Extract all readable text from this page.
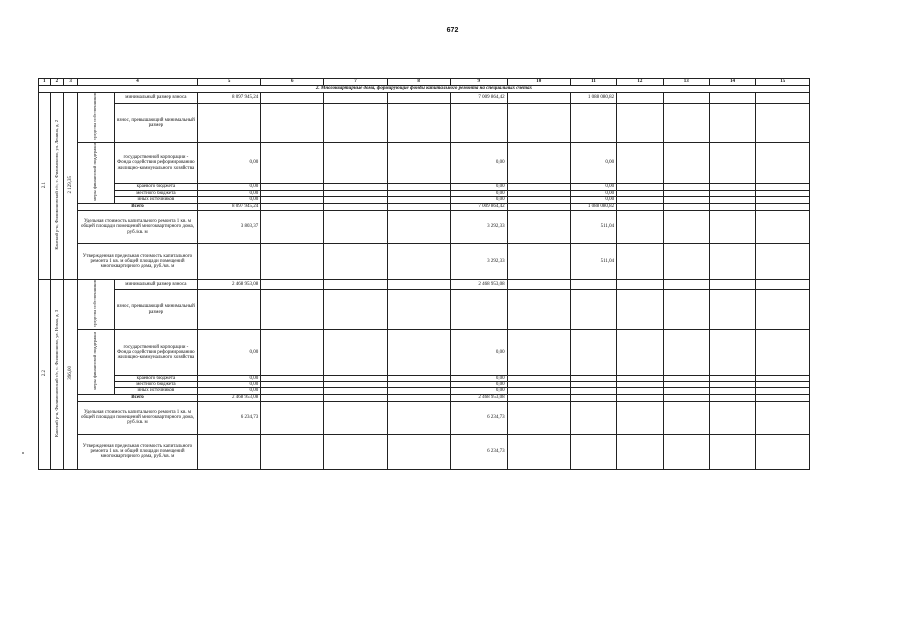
672
1	2	3	4		5	6	7	8	9	10	11	12	13	14	15
2. Многоквартирные дома, формирующие фонды капитального ремонта на специальных счетах															
2.1	Канский р-н, Филимоновский с/с, с. Филимоново, ул. Ленина, д. 2	2 129,35	средства собственников	минимальный размер взноса	8 097 945,24				7 009 864,42		1 088 080,82				
				взнос, превышающий минимальный размер											
			меры финансовой поддержки	государственной корпорации - Фонда содействия реформированию жилищно-коммунального хозяйства	0,00				0,00		0,00				
				краевого бюджета	0,00				0,00		0,00				
				местного бюджета	0,00				0,00		0,00				
				иных источников	0,00				0,00		0,00				
			Всего		8 097 945,24				7 009 864,42		1 088 080,82				
			Удельная стоимость капитального ремонта 1 кв. м общей площади помещений многоквартирного дома, руб./кв. м		3 803,37				3 292,33		511,04				
			Утвержденная предельная стоимость капитального ремонта 1 кв. м общей площади помещений многоквартирного дома, руб./кв. м						3 292,33		511,04				
2.2	Канский р-н, Филимоновский с/с, с. Филимоново, ул. Новая, д. 3	396,00	средства собственников	минимальный размер взноса	2 468 953,08				2 468 953,08						
				взнос, превышающий минимальный размер											
			меры финансовой поддержки	государственной корпорации - Фонда содействия реформированию жилищно-коммунального хозяйства	0,00				0,00						
				краевого бюджета	0,00				0,00						
				местного бюджета	0,00				0,00						
				иных источников	0,00				0,00						
			Всего		2 468 953,08				2 468 953,08						
			Удельная стоимость капитального ремонта 1 кв. м общей площади помещений многоквартирного дома, руб./кв. м		6 234,73				6 234,73						
			Утвержденная предельная стоимость капитального ремонта 1 кв. м общей площади помещений многоквартирного дома, руб./кв. м						6 234,73						
